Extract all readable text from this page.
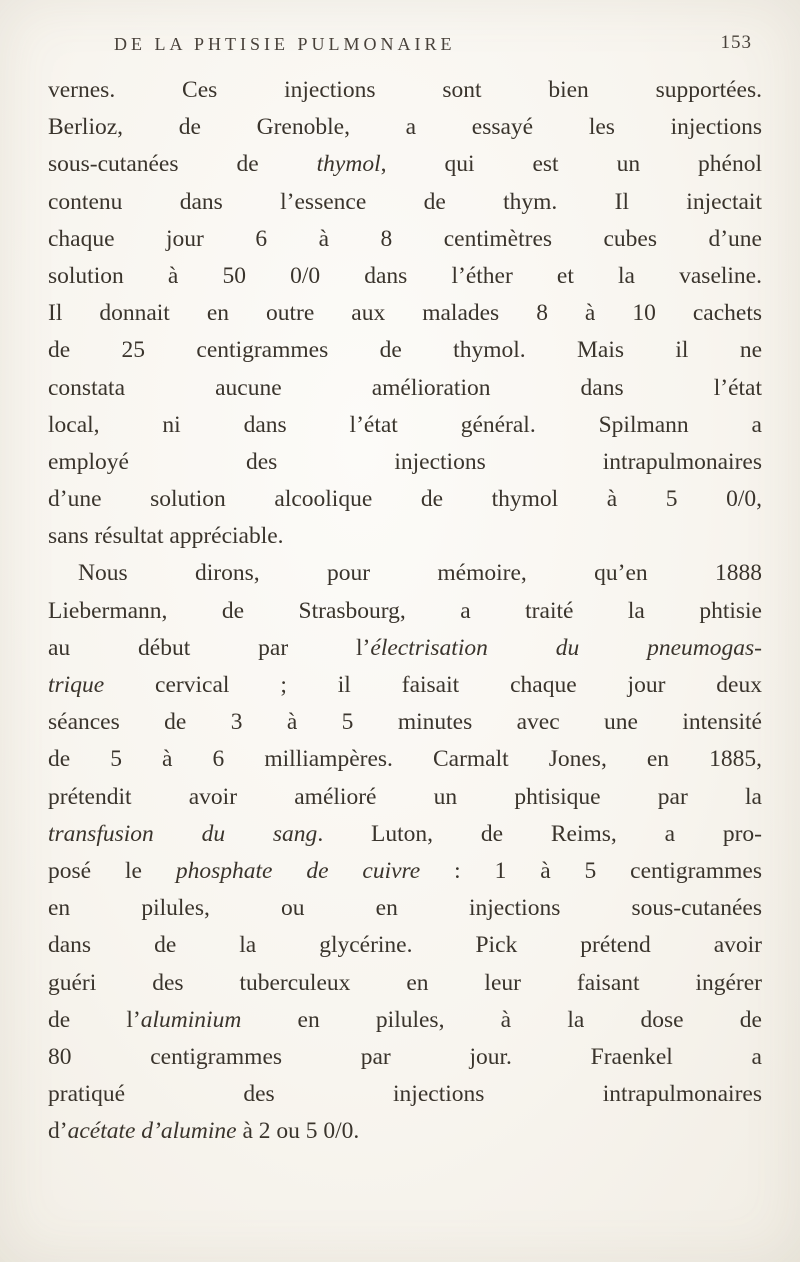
DE LA PHTISIE PULMONAIRE	153
vernes. Ces injections sont bien supportées.
Berlioz, de Grenoble, a essayé les injections
sous-cutanées de thymol, qui est un phénol
contenu dans l’essence de thym. Il injectait
chaque jour 6 à 8 centimètres cubes d’une
solution à 50 0/0 dans l’éther et la vaseline.
Il donnait en outre aux malades 8 à 10 cachets
de 25 centigrammes de thymol. Mais il ne
constata aucune amélioration dans l’état
local, ni dans l’état général. Spilmann a
employé des injections intrapulmonaires
d’une solution alcoolique de thymol à 5 0/0,
sans résultat appréciable.
Nous dirons, pour mémoire, qu’en 1888
Liebermann, de Strasbourg, a traité la phtisie
au début par l’électrisation du pneumogas-
trique cervical ; il faisait chaque jour deux
séances de 3 à 5 minutes avec une intensité
de 5 à 6 milliampères. Carmalt Jones, en 1885,
prétendit avoir amélioré un phtisique par la
transfusion du sang. Luton, de Reims, a pro-
posé le phosphate de cuivre : 1 à 5 centigrammes
en pilules, ou en injections sous-cutanées
dans de la glycérine. Pick prétend avoir
guéri des tuberculeux en leur faisant ingérer
de l’aluminium en pilules, à la dose de
80 centigrammes par jour. Fraenkel a
pratiqué des injections intrapulmonaires
d’acétate d’alumine à 2 ou 5 0/0.
